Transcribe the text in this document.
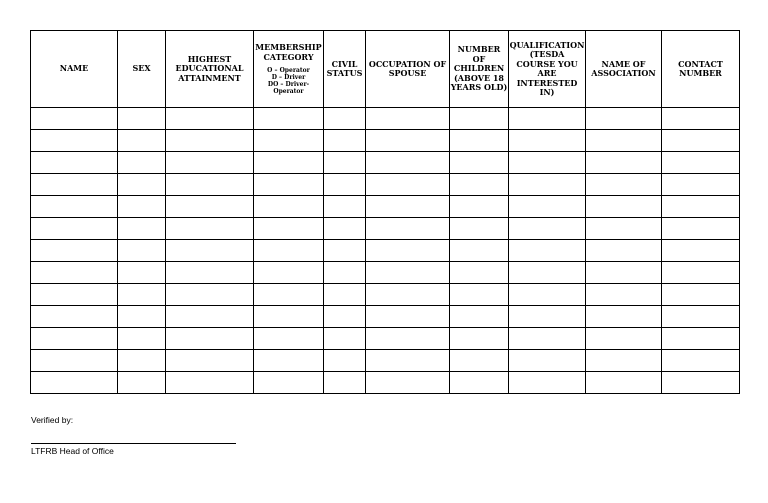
NAME	SEX	HIGHEST EDUCATIONAL ATTAINMENT	MEMBERSHIP CATEGORY
O – Operator
D – Driver
DO – Driver-Operator	CIVIL STATUS	OCCUPATION OF SPOUSE	NUMBER OF CHILDREN (ABOVE 18 YEARS OLD)	QUALIFICATION (TESDA COURSE YOU ARE INTERESTED IN)	NAME OF ASSOCIATION	CONTACT NUMBER

Verified by:
LTFRB Head of Office
